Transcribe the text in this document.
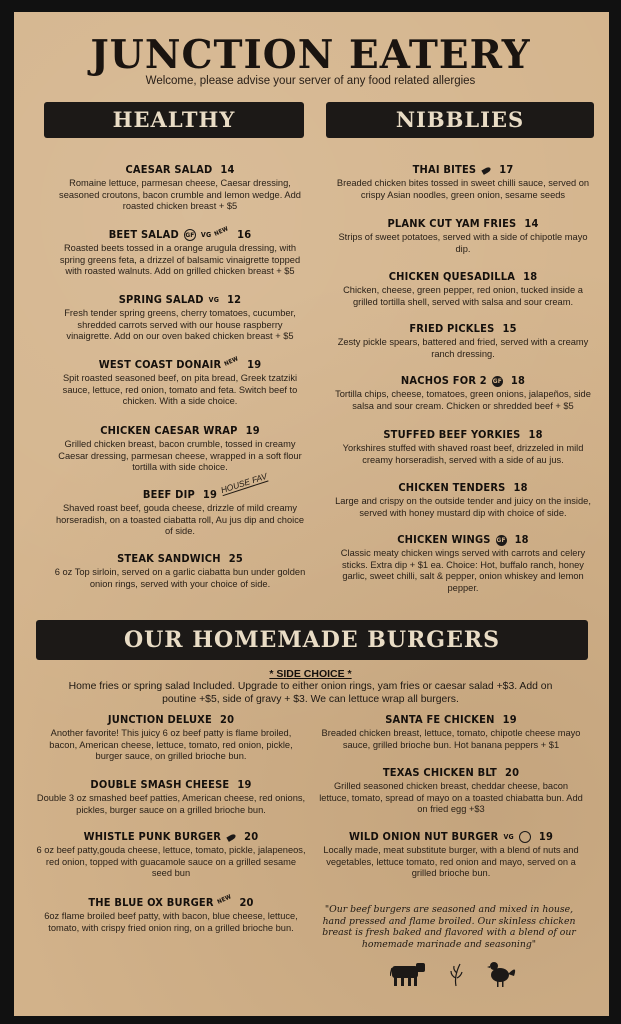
JUNCTION EATERY
Welcome, please advise your server of any food related allergies
HEALTHY	NIBBLIES
CAESAR SALAD 14
Romaine lettuce, parmesan cheese, Caesar dressing, seasoned croutons, bacon crumble and lemon wedge. Add roasted chicken breast + $5
BEET SALAD GF VG NEW 16
Roasted beets tossed in a orange arugula dressing, with spring greens feta, a drizzel of balsamic vinaigrette topped with roasted walnuts. Add on grilled chicken breast + $5
SPRING SALAD VG 12
Fresh tender spring greens, cherry tomatoes, cucumber, shredded carrots served with our house raspberry vinaigrette. Add on our oven baked chicken breast + $5
WEST COAST DONAIR NEW 19
Spit roasted seasoned beef, on pita bread, Greek tzatziki sauce, lettuce, red onion, tomato and feta. Switch beef to chicken. With a side choice.
CHICKEN CAESAR WRAP 19
Grilled chicken breast, bacon crumble, tossed in creamy Caesar dressing, parmesan cheese, wrapped in a soft flour tortilla with side choice.
BEEF DIP 19
Shaved roast beef, gouda cheese, drizzle of mild creamy horseradish, on a toasted ciabatta roll, Au jus dip and choice of side.
HOUSE FAV
STEAK SANDWICH 25
6 oz Top sirloin, served on a garlic ciabatta bun under golden onion rings, served with your choice of side.
THAI BITES 17
Breaded chicken bites tossed in sweet chilli sauce, served on crispy Asian noodles, green onion, sesame seeds
PLANK CUT YAM FRIES 14
Strips of sweet potatoes, served with a side of chipotle mayo dip.
CHICKEN QUESADILLA 18
Chicken, cheese, green pepper, red onion, tucked inside a grilled tortilla shell, served with salsa and sour cream.
FRIED PICKLES 15
Zesty pickle spears, battered and fried, served with a creamy ranch dressing.
NACHOS FOR 2 GF 18
Tortilla chips, cheese, tomatoes, green onions, jalapeños, side salsa and sour cream. Chicken or shredded beef + $5
STUFFED BEEF YORKIES 18
Yorkshires stuffed with shaved roast beef, drizzeled in mild creamy horseradish, served with a side of au jus.
CHICKEN TENDERS 18
Large and crispy on the outside tender and juicy on the inside, served with honey mustard dip with choice of side.
CHICKEN WINGS GF 18
Classic meaty chicken wings served with carrots and celery sticks. Extra dip + $1 ea. Choice: Hot, buffalo ranch, honey garlic, sweet chilli, salt & pepper, onion whiskey and lemon pepper.
OUR HOMEMADE BURGERS
* SIDE CHOICE *
Home fries or spring salad Included. Upgrade to either onion rings, yam fries or caesar salad +$3. Add on poutine +$5, side of gravy + $3. We can lettuce wrap all burgers.
JUNCTION DELUXE 20
Another favorite! This juicy 6 oz beef patty is flame broiled, bacon, American cheese, lettuce, tomato, red onion, pickle, burger sauce, on grilled brioche bun.
DOUBLE SMASH CHEESE 19
Double 3 oz smashed beef patties, American cheese, red onions, pickles, burger sauce on a grilled brioche bun.
WHISTLE PUNK BURGER 20
6 oz beef patty,gouda cheese, lettuce, tomato, pickle, jalapeneos, red onion, topped with guacamole sauce on a grilled sesame seed bun
THE BLUE OX BURGER NEW 20
6oz flame broiled beef patty, with bacon, blue cheese, lettuce, tomato, with crispy fried onion ring, on a grilled brioche bun.
SANTA FE CHICKEN 19
Breaded chicken breast, lettuce, tomato, chipotle cheese mayo sauce, grilled brioche bun. Hot banana peppers + $1
TEXAS CHICKEN BLT 20
Grilled seasoned chicken breast, cheddar cheese, bacon lettuce, tomato, spread of mayo on a toasted chiabatta bun. Add on fried egg +$3
WILD ONION NUT BURGER VG 19
Locally made, meat substitute burger, with a blend of nuts and vegetables, lettuce tomato, red onion and mayo, served on a grilled brioche bun.
"Our beef burgers are seasoned and mixed in house, hand pressed and flame broiled. Our skinless chicken breast is fresh baked and flavored with a blend of our homemade marinade and seasoning"
